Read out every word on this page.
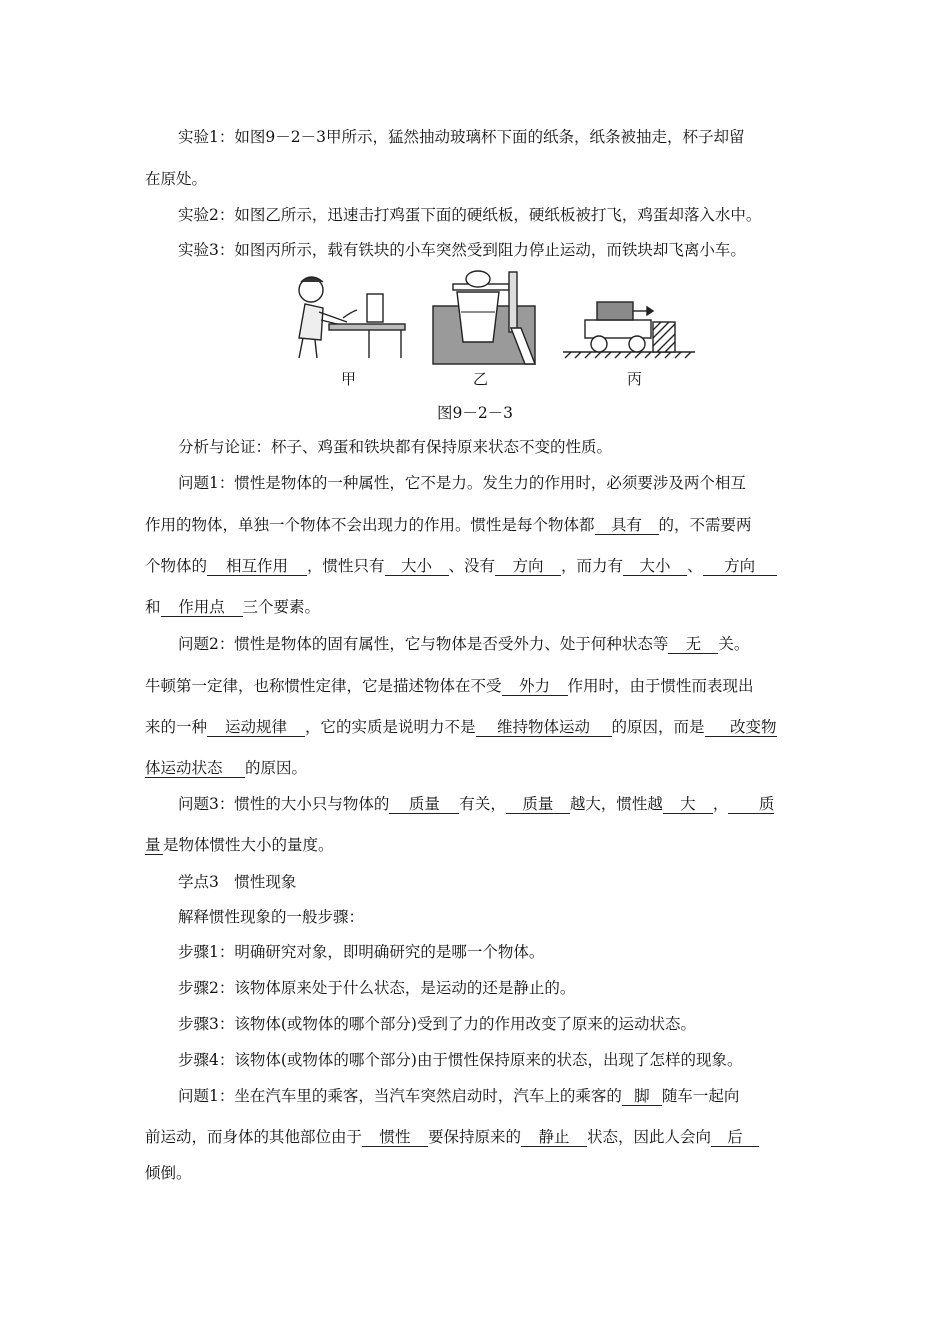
实验1：如图9－2－3甲所示，猛然抽动玻璃杯下面的纸条，纸条被抽走，杯子却留
在原处。
实验2：如图乙所示，迅速击打鸡蛋下面的硬纸板，硬纸板被打飞，鸡蛋却落入水中。
实验3：如图丙所示，载有铁块的小车突然受到阻力停止运动，而铁块却飞离小车。
甲	乙	丙
图9－2－3
分析与论证：杯子、鸡蛋和铁块都有保持原来状态不变的性质。
问题1：惯性是物体的一种属性，它不是力。发生力的作用时，必须要涉及两个相互
作用的物体，单独一个物体不会出现力的作用。惯性是每个物体都 具有 的，不需要两
个物体的 相互作用 ，惯性只有 大小 、没有 方向 ，而力有 大小 、 方向
和 作用点 三个要素。
问题2：惯性是物体的固有属性，它与物体是否受外力、处于何种状态等 无 关。
牛顿第一定律，也称惯性定律，它是描述物体在不受 外力 作用时，由于惯性而表现出
来的一种 运动规律 ，它的实质是说明力不是 维持物体运动 的原因，而是 改变物
体运动状态 的原因。
问题3：惯性的大小只与物体的 质量 有关， 质量 越大，惯性越 大 ， 质
量 是物体惯性大小的量度。
学点3　惯性现象
解释惯性现象的一般步骤：
步骤1：明确研究对象，即明确研究的是哪一个物体。
步骤2：该物体原来处于什么状态，是运动的还是静止的。
步骤3：该物体(或物体的哪个部分)受到了力的作用改变了原来的运动状态。
步骤4：该物体(或物体的哪个部分)由于惯性保持原来的状态，出现了怎样的现象。
问题1：坐在汽车里的乘客，当汽车突然启动时，汽车上的乘客的 脚 随车一起向
前运动，而身体的其他部位由于 惯性 要保持原来的 静止 状态，因此人会向 后
倾倒。
